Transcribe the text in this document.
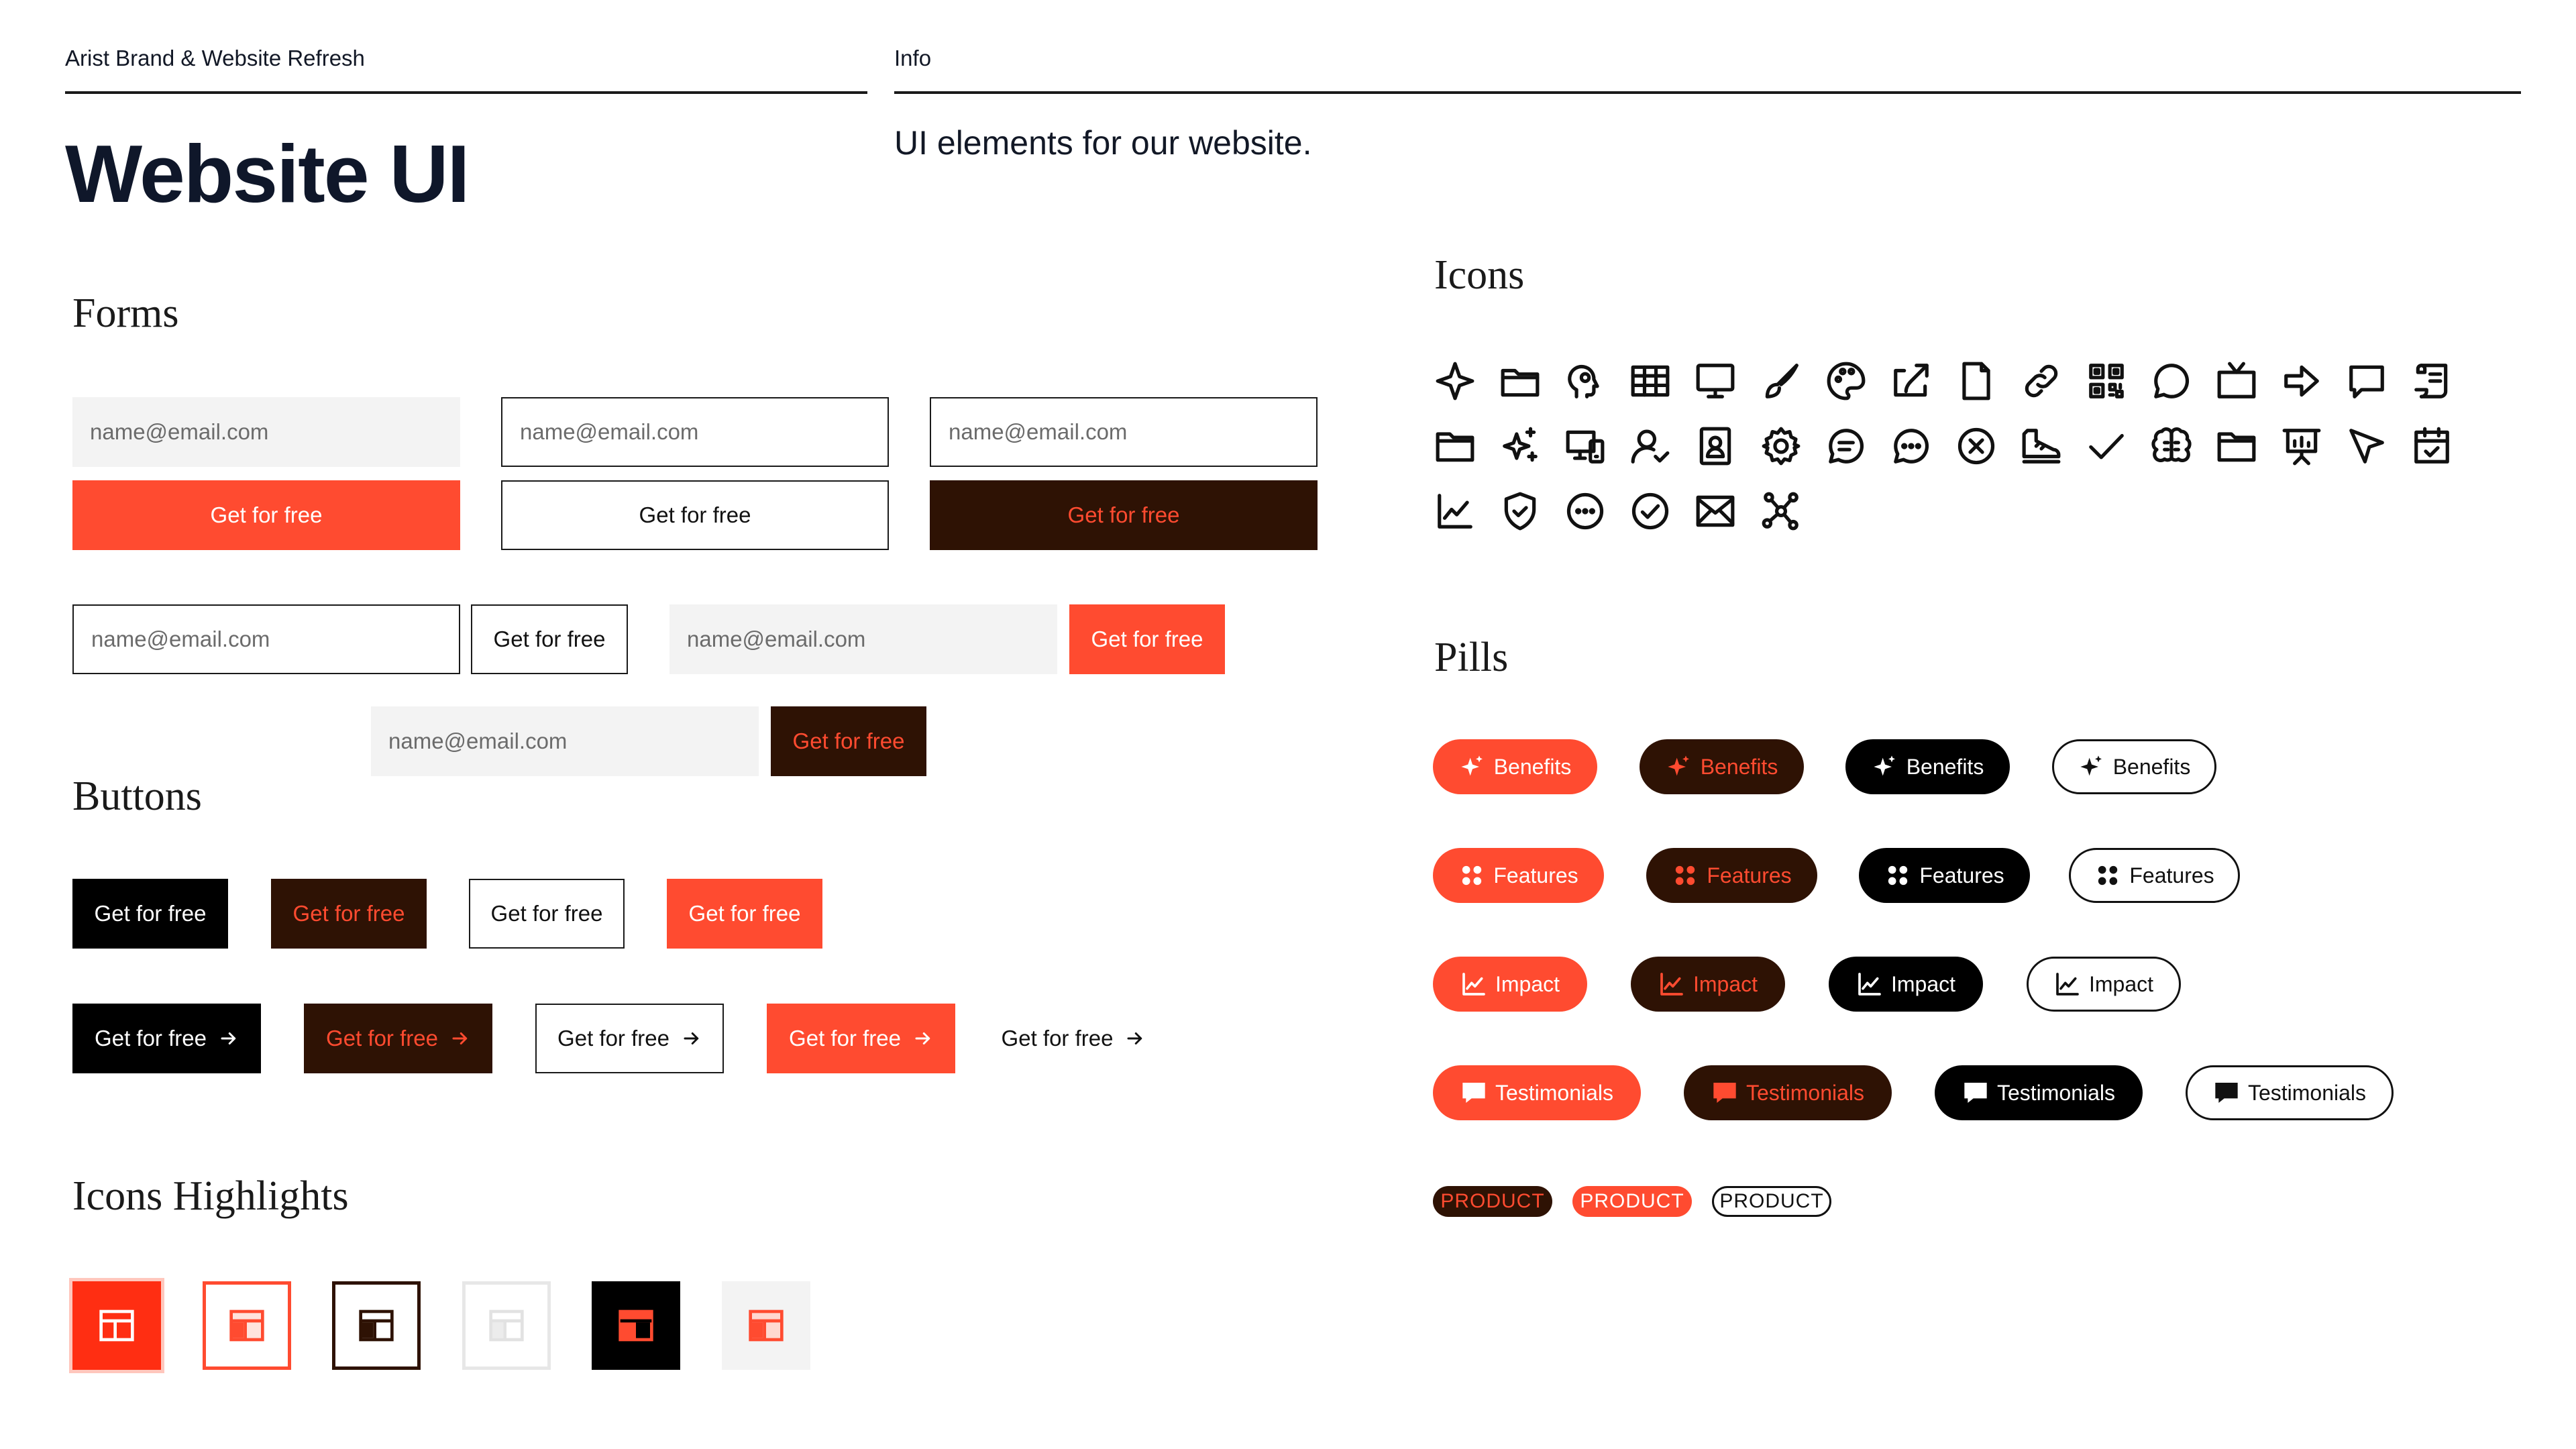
Arist Brand & Website Refresh	Info
Website UI	UI elements for our website.
Forms
name@email.com
Get for free
name@email.com
Get for free
name@email.com
Get for free
name@email.com	Get for free	name@email.com	Get for free
name@email.com	Get for free
Buttons
Get for free	Get for free	Get for free	Get for free
Get for free	Get for free	Get for free	Get for free	Get for free
Icons Highlights
Icons
Pills
Benefits	Benefits	Benefits	Benefits
Features	Features	Features	Features
Impact	Impact	Impact	Impact
Testimonials	Testimonials	Testimonials	Testimonials
PRODUCT	PRODUCT	PRODUCT
